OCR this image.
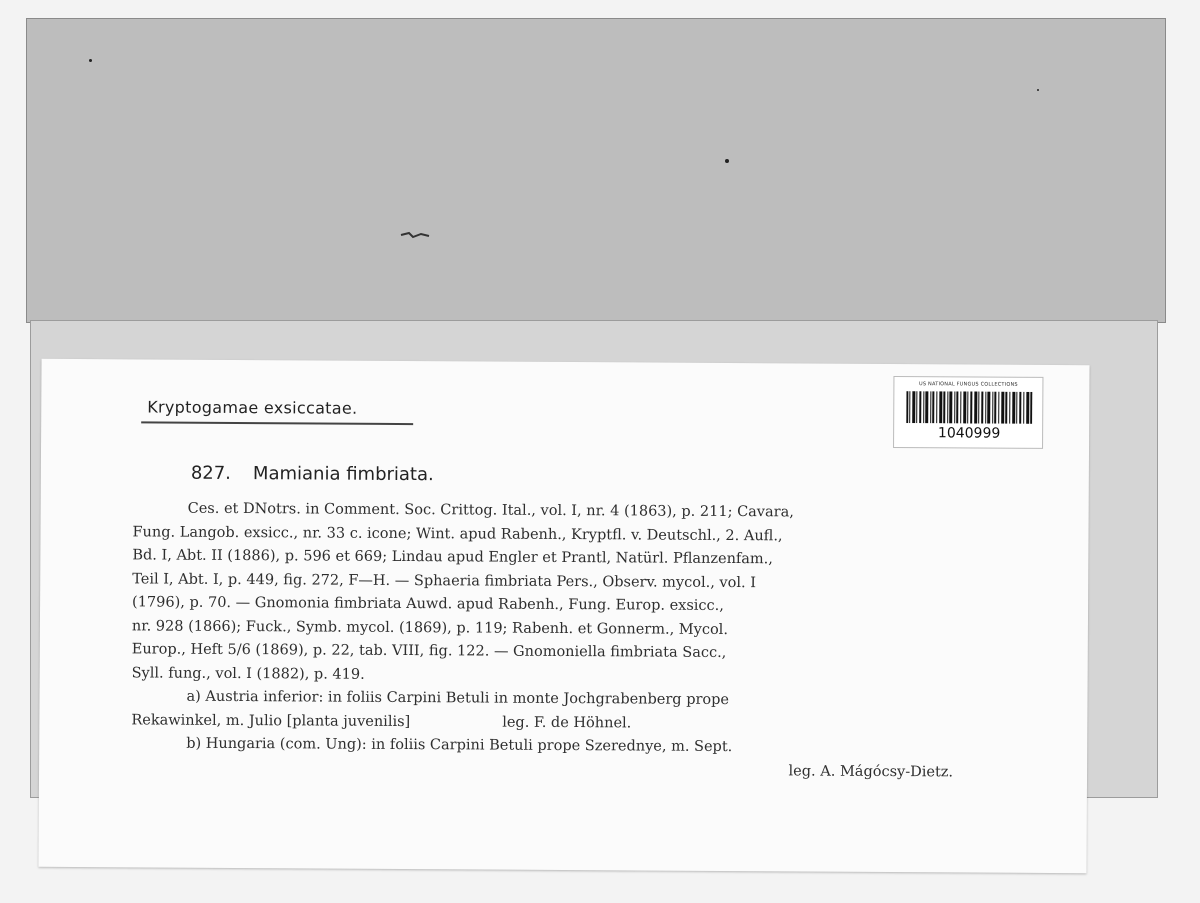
Kryptogamae exsiccatae.
US NATIONAL FUNGUS COLLECTIONS
1040999
827. Mamiania fimbriata.

Ces. et DNotrs. in Comment. Soc. Crittog. Ital., vol. I, nr. 4 (1863), p. 211; Cavara,

Fung. Langob. exsicc., nr. 33 c. icone; Wint. apud Rabenh., Kryptfl. v. Deutschl., 2. Aufl.,

Bd. I, Abt. II (1886), p. 596 et 669; Lindau apud Engler et Prantl, Natürl. Pflanzenfam.,

Teil I, Abt. I, p. 449, fig. 272, F—H. — Sphaeria fimbriata Pers., Observ. mycol., vol. I

(1796), p. 70. — Gnomonia fimbriata Auwd. apud Rabenh., Fung. Europ. exsicc.,

nr. 928 (1866); Fuck., Symb. mycol. (1869), p. 119; Rabenh. et Gonnerm., Mycol.

Europ., Heft 5/6 (1869), p. 22, tab. VIII, fig. 122. — Gnomoniella fimbriata Sacc.,

Syll. fung., vol. I (1882), p. 419.

a) Austria inferior: in foliis Carpini Betuli in monte Jochgrabenberg prope

Rekawinkel, m. Julio [planta juvenilis]	leg. F. de Höhnel.

b) Hungaria (com. Ung): in foliis Carpini Betuli prope Szerednye, m. Sept.

leg. A. Mágócsy-Dietz.
